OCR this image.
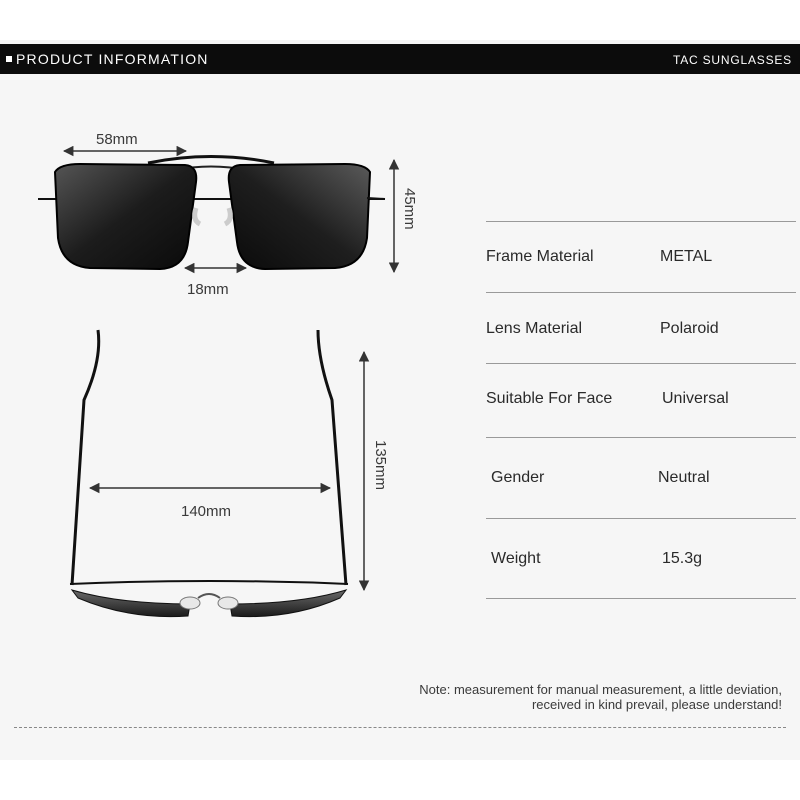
PRODUCT INFORMATION	TAC SUNGLASSES
58mm
18mm
45mm
140mm
135mm
Frame Material	METAL
Lens Material	Polaroid
Suitable For Face	Universal
Gender	Neutral
Weight	15.3g
Note: measurement for manual measurement, a little deviation,
received in kind prevail, please understand!
